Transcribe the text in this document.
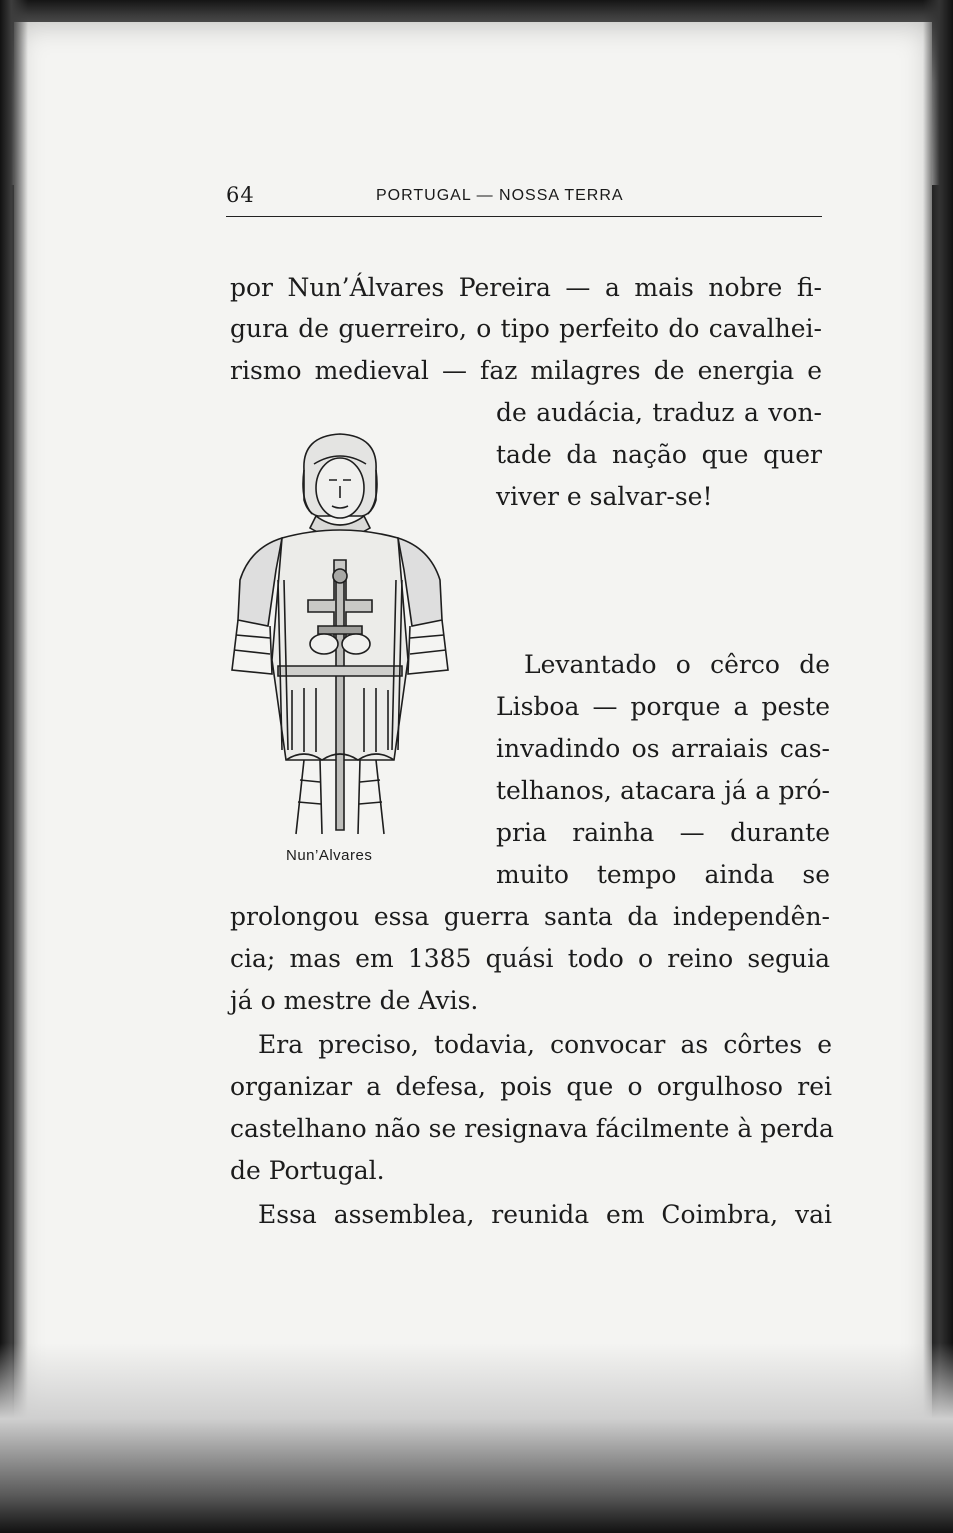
64	PORTUGAL — NOSSA TERRA
por Nun’Álvares Pereira — a mais nobre fi-
gura de guerreiro, o tipo perfeito do cavalhei-
rismo medieval — faz milagres de energia e
de audácia, traduz a von-
tade da nação que quer
viver e salvar-se!
Levantado o cêrco de
Lisboa — porque a peste
invadindo os arraiais cas-
telhanos, atacara já a pró-
pria rainha — durante
muito tempo ainda se
prolongou essa guerra santa da independên-
cia; mas em 1385 quási todo o reino seguia
já o mestre de Avis.
Era preciso, todavia, convocar as côrtes e
organizar a defesa, pois que o orgulhoso rei
castelhano não se resignava fácilmente à perda
de Portugal.
Essa assemblea, reunida em Coimbra, vai
Nun’Alvares
